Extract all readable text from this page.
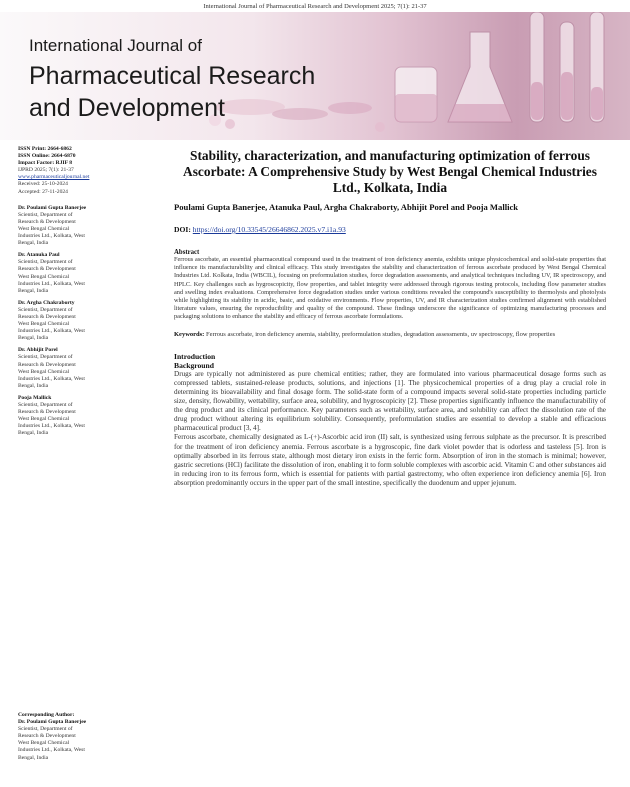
International Journal of Pharmaceutical Research and Development 2025; 7(1): 21-37
International Journal of
Pharmaceutical Research
and Development
ISSN Print: 2664-6862
ISSN Online: 2664-6870
Impact Factor: RJIF 8
IJPRD 2025; 7(1): 21-37
www.pharmaceuticaljournal.net
Received: 25-10-2024
Accepted: 27-11-2024
Dr. Poulami Gupta Banerjee
Scientist, Department of
Research & Development
West Bengal Chemical
Industries Ltd., Kolkata, West
Bengal, India
Dr. Atanuka Paul
Scientist, Department of
Research & Development
West Bengal Chemical
Industries Ltd., Kolkata, West
Bengal, India
Dr. Argha Chakraborty
Scientist, Department of
Research & Development
West Bengal Chemical
Industries Ltd., Kolkata, West
Bengal, India
Dr. Abhijit Porel
Scientist, Department of
Research & Development
West Bengal Chemical
Industries Ltd., Kolkata, West
Bengal, India
Pooja Mallick
Scientist, Department of
Research & Development
West Bengal Chemical
Industries Ltd., Kolkata, West
Bengal, India
Corresponding Author:
Dr. Poulami Gupta Banerjee
Scientist, Department of
Research & Development
West Bengal Chemical
Industries Ltd., Kolkata, West
Bengal, India
Stability, characterization, and manufacturing optimization of ferrous Ascorbate: A Comprehensive Study by West Bengal Chemical Industries Ltd., Kolkata, India
Poulami Gupta Banerjee, Atanuka Paul, Argha Chakraborty, Abhijit Porel and Pooja Mallick
DOI: https://doi.org/10.33545/26646862.2025.v7.i1a.93
Abstract
Ferrous ascorbate, an essential pharmaceutical compound used in the treatment of iron deficiency anemia, exhibits unique physicochemical and solid-state properties that influence its manufacturability and clinical efficacy. This study investigates the stability and characterization of ferrous ascorbate produced by West Bengal Chemical Industries Ltd. Kolkata, India (WBCIL), focusing on preformulation studies, force degradation assessments, and analytical techniques including UV, IR spectroscopy, and HPLC. Key challenges such as hygroscopicity, flow properties, and tablet integrity were addressed through rigorous testing protocols, including flow parameter studies and swelling index evaluations. Comprehensive force degradation studies under various conditions revealed the compound's susceptibility to thermolysis and photolysis while highlighting its stability in acidic, basic, and oxidative environments. Flow properties, UV, and IR characterization studies confirmed alignment with established literature values, ensuring the reproducibility and quality of the compound. These findings underscore the significance of optimizing manufacturing processes and packaging solutions to enhance the stability and efficacy of ferrous ascorbate formulations.
Keywords: Ferrous ascorbate, iron deficiency anemia, stability, preformulation studies, degradation assessments, uv spectroscopy, flow properties
Introduction
Background

Drugs are typically not administered as pure chemical entities; rather, they are formulated into various pharmaceutical dosage forms such as compressed tablets, sustained-release products, solutions, and injections [1]. The physicochemical properties of a drug play a crucial role in determining its bioavailability and final dosage form. The solid-state form of a compound impacts several solid-state properties including particle size, density, flowability, wettability, surface area, solubility, and hygroscopicity [2]. These properties significantly influence the manufacturability of the drug product and its clinical performance. Key parameters such as wettability, surface area, and solubility can affect the dissolution rate of the drug product without altering its equilibrium solubility. Consequently, preformulation studies are essential to develop a stable and efficacious pharmaceutical product [3, 4].

Ferrous ascorbate, chemically designated as L-(+)-Ascorbic acid iron (II) salt, is synthesized using ferrous sulphate as the precursor. It is prescribed for the treatment of iron deficiency anemia. Ferrous ascorbate is a hygroscopic, fine dark violet powder that is odorless and tasteless [5]. Iron is optimally absorbed in its ferrous state, although most dietary iron exists in the ferric form. Absorption of iron in the stomach is minimal; however, gastric secretions (HCl) facilitate the dissolution of iron, enabling it to form soluble complexes with ascorbic acid. Vitamin C and other substances aid in reducing iron to its ferrous form, which is essential for patients with partial gastrectomy, who often experience iron deficiency anemia [6]. Iron absorption predominantly occurs in the upper part of the small intestine, specifically the duodenum and upper jejunum.
